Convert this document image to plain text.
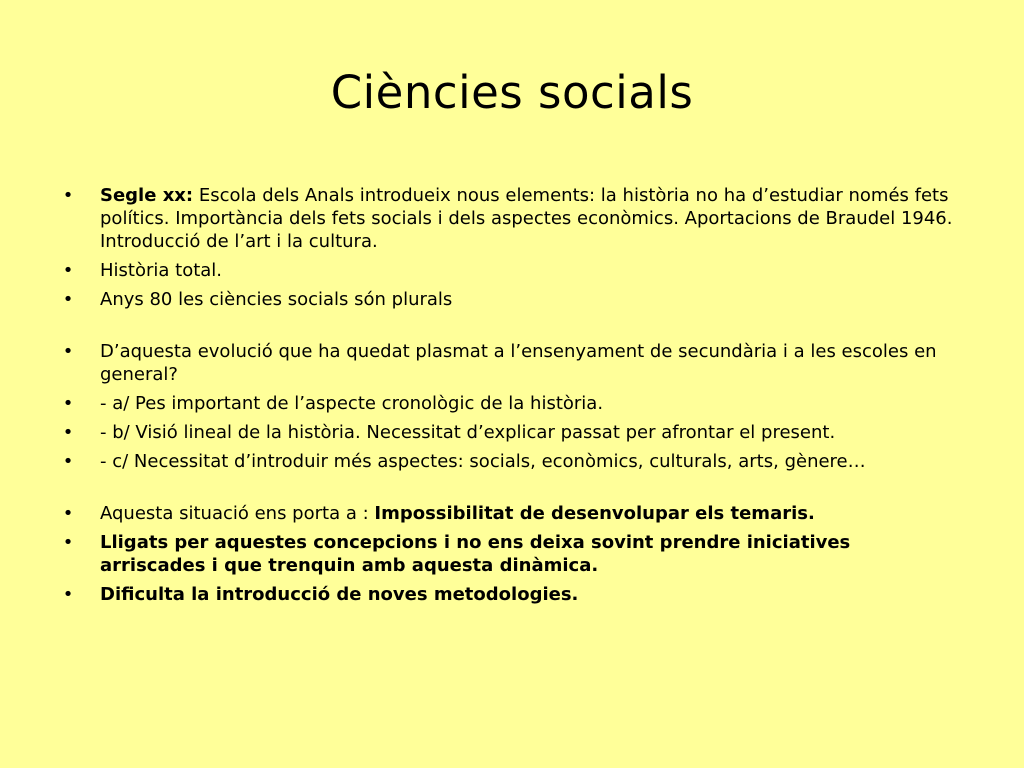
Ciències socials
• Segle xx: Escola dels Anals introdueix nous elements: la història no ha d’estudiar només fets polítics. Importància dels fets socials i dels aspectes econòmics. Aportacions de Braudel 1946. Introducció de l’art i la cultura.
• Història total.
• Anys 80 les ciències socials són plurals
• D’aquesta evolució que ha quedat plasmat a l’ensenyament de secundària i a les escoles en general?
• - a/ Pes important de l’aspecte cronològic de la història.
• - b/ Visió lineal de la història. Necessitat d’explicar passat per afrontar el present.
• - c/ Necessitat d’introduir més aspectes: socials, econòmics, culturals, arts, gènere…
• Aquesta situació ens porta a : Impossibilitat de desenvolupar els temaris.
• Lligats per aquestes concepcions i no ens deixa sovint prendre iniciatives arriscades i que trenquin amb aquesta dinàmica.
• Dificulta la introducció de noves metodologies.
